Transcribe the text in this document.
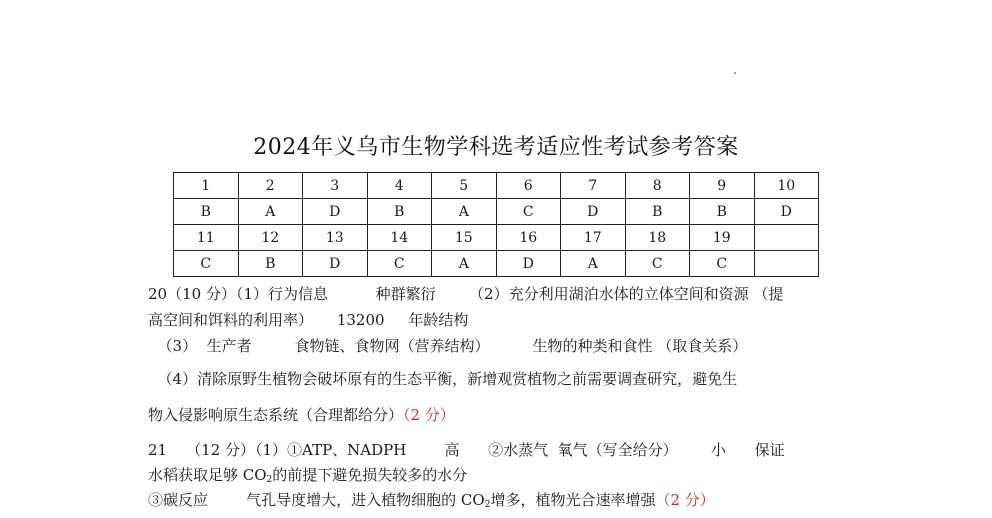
2024年义乌市生物学科选考适应性考试参考答案
1	2	3	4	5	6	7	8	9	10
B	A	D	B	A	C	D	B	B	D
11	12	13	14	15	16	17	18	19	
C	B	D	C	A	D	A	C	C	
20（10 分）（1）行为信息          种群繁衍       （2）充分利用湖泊水体的立体空间和资源 （提
高空间和饵料的利用率）     13200     年龄结构
（3）  生产者         食物链、食物网（营养结构）         生物的种类和食性 （取食关系）
（4）清除原野生植物会破坏原有的生态平衡，新增观赏植物之前需要调查研究，避免生
物入侵影响原生态系统（合理都给分）（2 分）
21    （12 分）（1）①ATP、NADPH        高      ②水蒸气  氧气（写全给分）       小      保证
水稻获取足够 $CO_2$的前提下避免损失较多的水分
③碳反应        气孔导度增大，进入植物细胞的 $CO_2$增多，植物光合速率增强（2 分）
